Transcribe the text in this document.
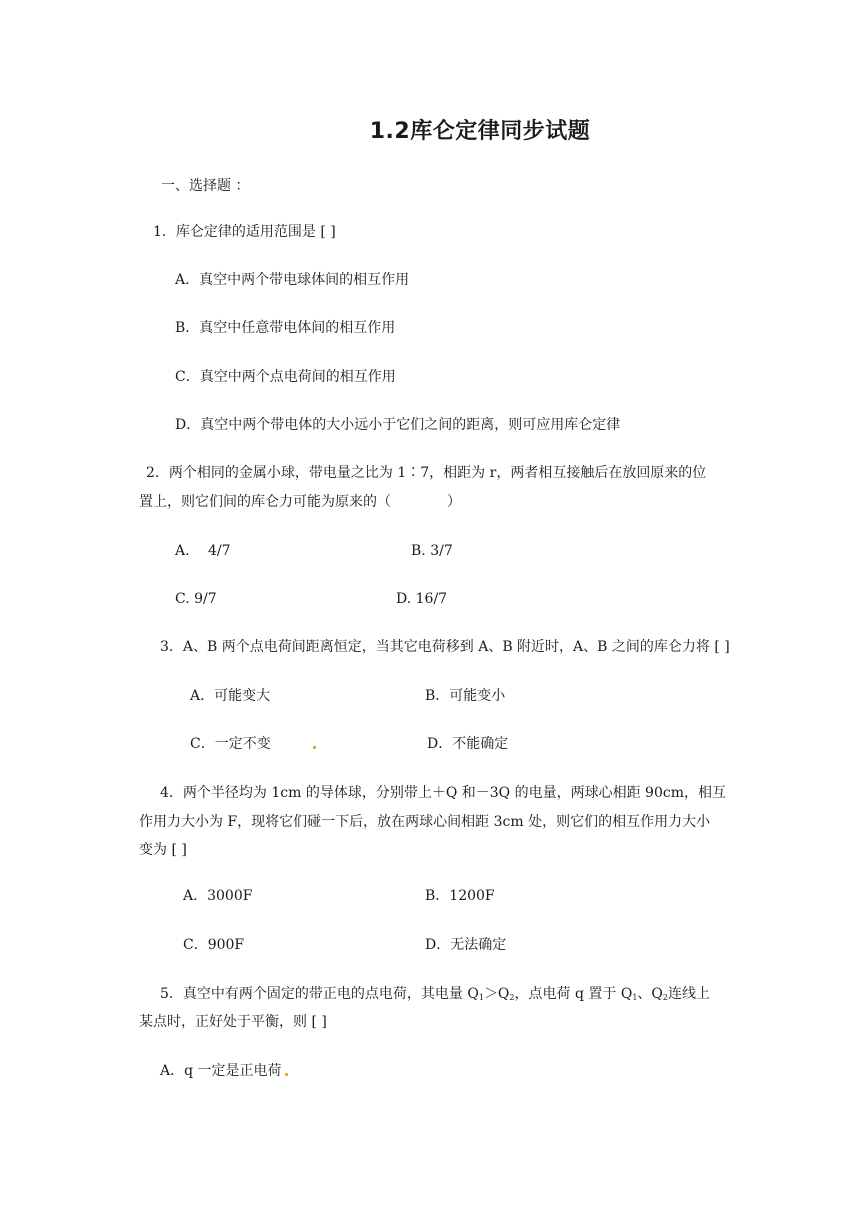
1.2库仑定律同步试题
一、选择题 ：
1．库仑定律的适用范围是 [ ]
A．真空中两个带电球体间的相互作用
B．真空中任意带电体间的相互作用
C．真空中两个点电荷间的相互作用
D．真空中两个带电体的大小远小于它们之间的距离，则可应用库仑定律
2．两个相同的金属小球，带电量之比为 1∶7，相距为 r，两者相互接触后在放回原来的位
置上，则它们间的库仑力可能为原来的（　　　　）
A.　 4/7	B. 3/7
C. 9/7	D. 16/7
3．A、B 两个点电荷间距离恒定，当其它电荷移到 A、B 附近时，A、B 之间的库仑力将 [ ]
A．可能变大	B．可能变小
C．一定不变	D．不能确定
4．两个半径均为 1cm 的导体球，分别带上＋Q 和－3Q 的电量，两球心相距 90cm，相互
作用力大小为 F，现将它们碰一下后，放在两球心间相距 3cm 处，则它们的相互作用力大小
变为 [ ]
A．3000F	B．1200F
C．900F	D．无法确定
5．真空中有两个固定的带正电的点电荷，其电量 $Q_1>Q_2$，点电荷 q 置于 $Q_1$、$Q_2$连线上
某点时，正好处于平衡，则 [ ]
A．q 一定是正电荷
